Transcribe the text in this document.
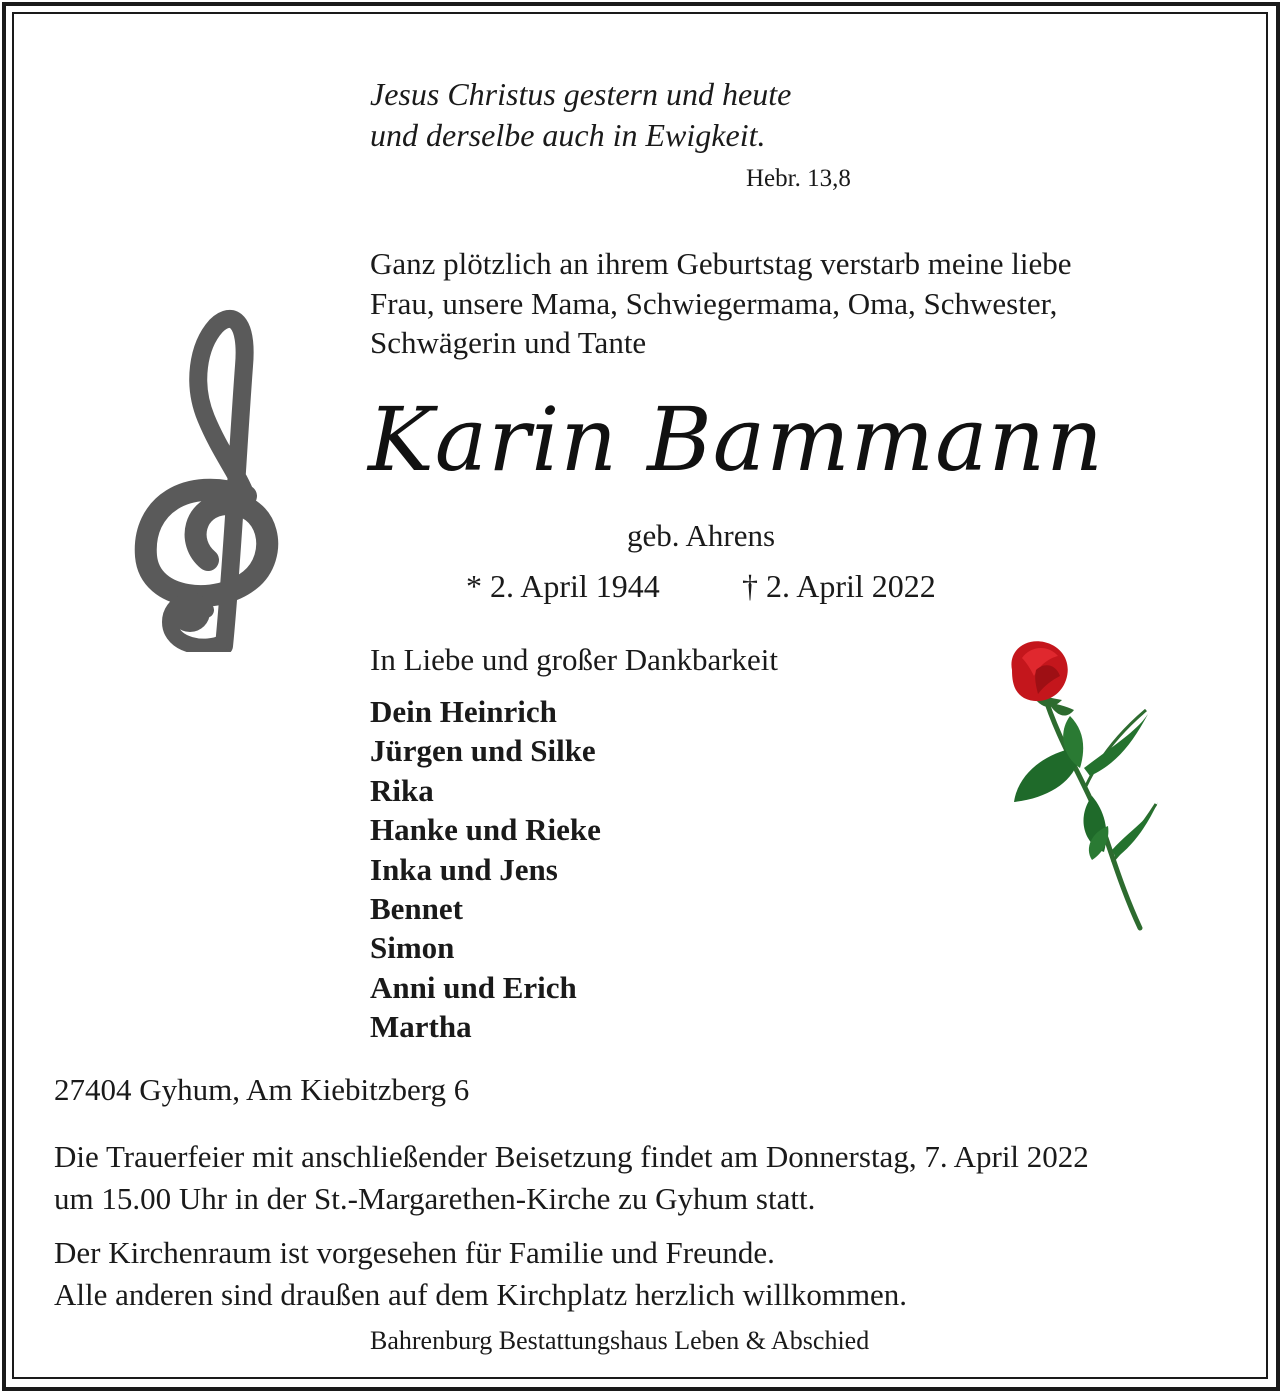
Jesus Christus gestern und heute
und derselbe auch in Ewigkeit.

Hebr. 13,8

Ganz plötzlich an ihrem Geburtstag verstarb meine liebe
Frau, unsere Mama, Schwiegermama, Oma, Schwester,
Schwägerin und Tante

Karin Bammann

geb. Ahrens

* 2. April 1944	† 2. April 2022

In Liebe und großer Dankbarkeit

Dein Heinrich
Jürgen und Silke
Rika
Hanke und Rieke
Inka und Jens
Bennet
Simon
Anni und Erich
Martha

27404 Gyhum, Am Kiebitzberg 6

Die Trauerfeier mit anschließender Beisetzung findet am Donnerstag, 7. April 2022
um 15.00 Uhr in der St.-Margarethen-Kirche zu Gyhum statt.

Der Kirchenraum ist vorgesehen für Familie und Freunde.
Alle anderen sind draußen auf dem Kirchplatz herzlich willkommen.

Bahrenburg Bestattungshaus Leben & Abschied
